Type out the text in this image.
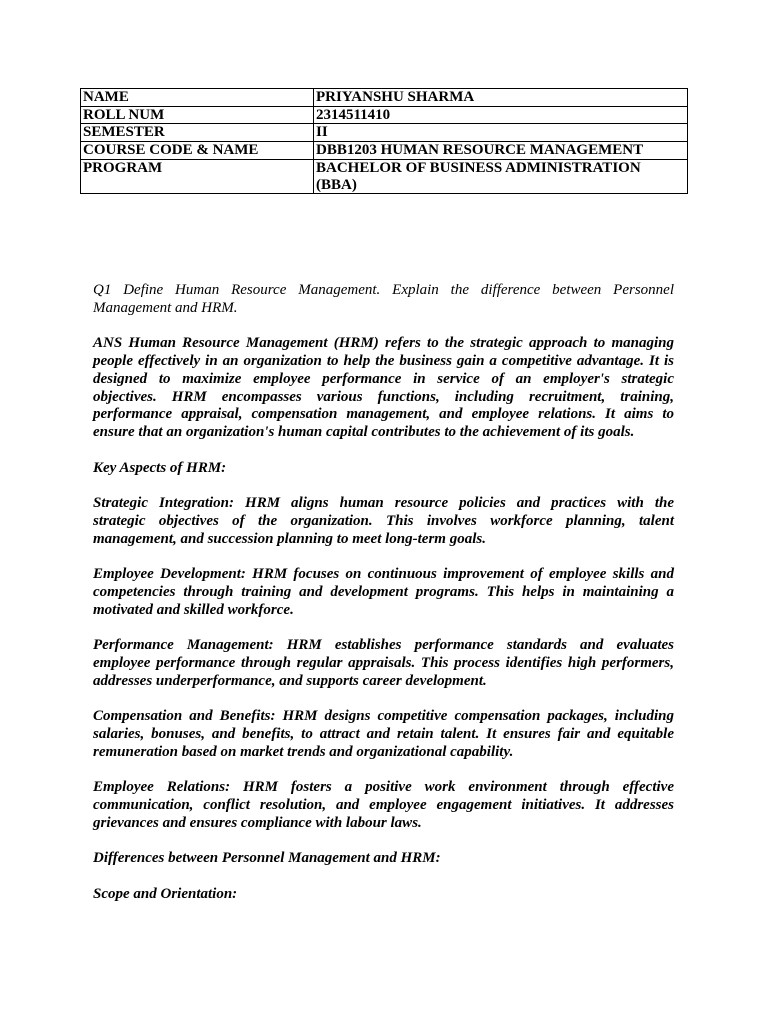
NAME	PRIYANSHU SHARMA
ROLL NUM	2314511410
SEMESTER	II
COURSE CODE & NAME	DBB1203 HUMAN RESOURCE MANAGEMENT
PROGRAM	BACHELOR OF BUSINESS ADMINISTRATION (BBA)
Q1 Define Human Resource Management. Explain the difference between Personnel
Management and HRM.
ANS Human Resource Management (HRM) refers to the strategic approach to managing
people effectively in an organization to help the business gain a competitive advantage. It is
designed to maximize employee performance in service of an employer's strategic
objectives. HRM encompasses various functions, including recruitment, training,
performance appraisal, compensation management, and employee relations. It aims to
ensure that an organization's human capital contributes to the achievement of its goals.
Key Aspects of HRM:
Strategic Integration: HRM aligns human resource policies and practices with the
strategic objectives of the organization. This involves workforce planning, talent
management, and succession planning to meet long-term goals.
Employee Development: HRM focuses on continuous improvement of employee skills and
competencies through training and development programs. This helps in maintaining a
motivated and skilled workforce.
Performance Management: HRM establishes performance standards and evaluates
employee performance through regular appraisals. This process identifies high performers,
addresses underperformance, and supports career development.
Compensation and Benefits: HRM designs competitive compensation packages, including
salaries, bonuses, and benefits, to attract and retain talent. It ensures fair and equitable
remuneration based on market trends and organizational capability.
Employee Relations: HRM fosters a positive work environment through effective
communication, conflict resolution, and employee engagement initiatives. It addresses
grievances and ensures compliance with labour laws.
Differences between Personnel Management and HRM:
Scope and Orientation:
